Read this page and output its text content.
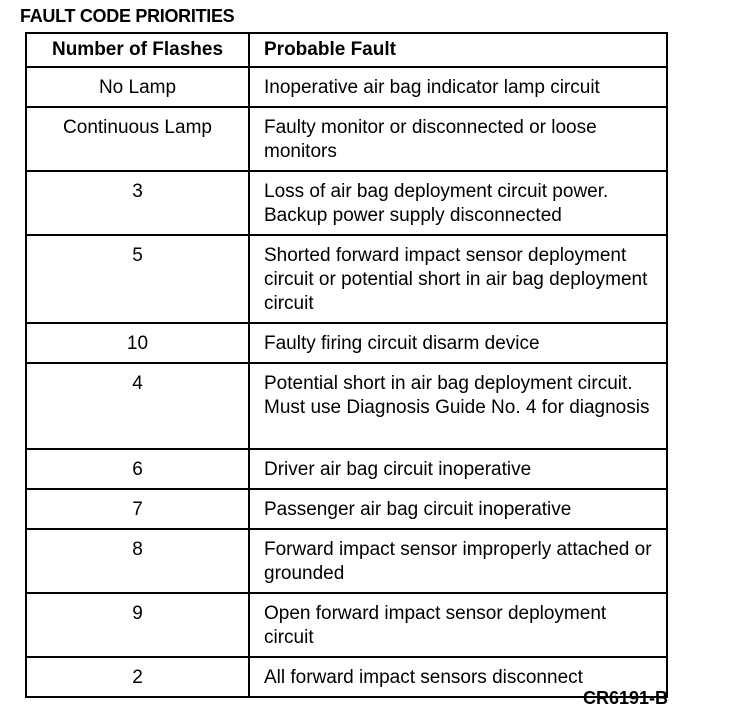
FAULT CODE PRIORITIES
Number of Flashes	Probable Fault
No Lamp	Inoperative air bag indicator lamp circuit
Continuous Lamp	Faulty monitor or disconnected or loose monitors
3	Loss of air bag deployment circuit power. Backup power supply disconnected
5	Shorted forward impact sensor deployment circuit or potential short in air bag deployment circuit
10	Faulty firing circuit disarm device
4	Potential short in air bag deployment circuit. Must use Diagnosis Guide No. 4 for diagnosis
6	Driver air bag circuit inoperative
7	Passenger air bag circuit inoperative
8	Forward impact sensor improperly attached or grounded
9	Open forward impact sensor deployment circuit
2	All forward impact sensors disconnect
CR6191-B
